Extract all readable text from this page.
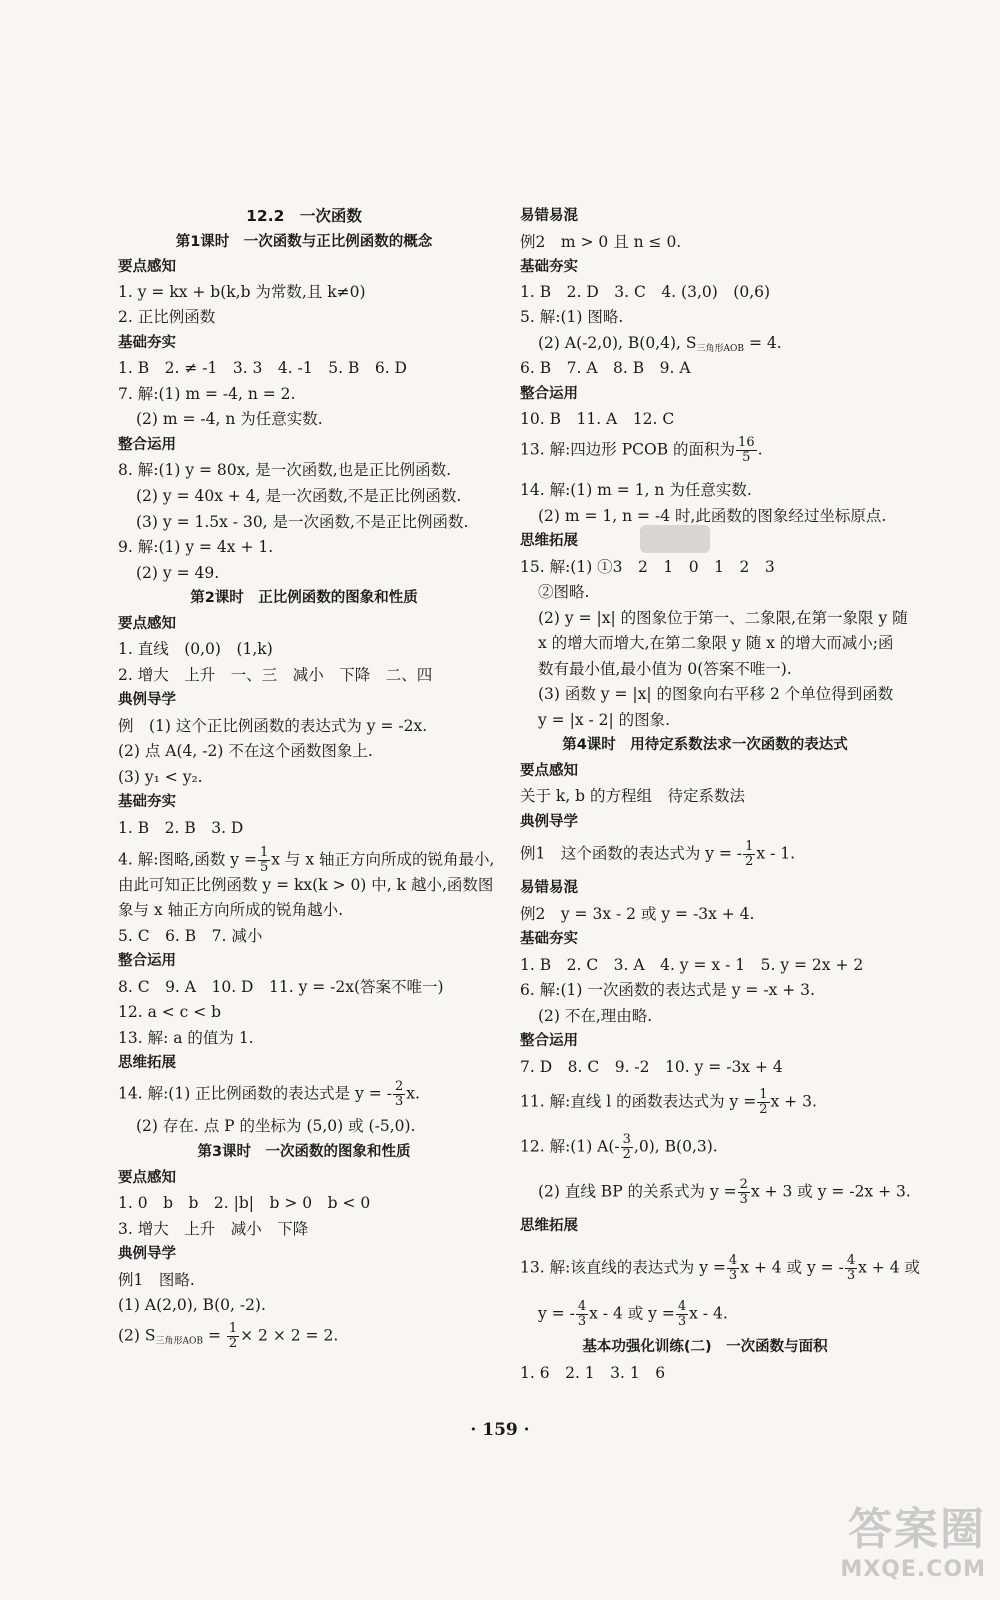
12.2　一次函数
第1课时　一次函数与正比例函数的概念
要点感知
1. y = kx + b(k,b 为常数,且 k≠0)
2. 正比例函数
基础夯实
1. B　2. ≠ -1　3. 3　4. -1　5. B　6. D
7. 解:(1) m = -4, n = 2.
(2) m = -4, n 为任意实数.
整合运用
8. 解:(1) y = 80x, 是一次函数,也是正比例函数.
(2) y = 40x + 4, 是一次函数,不是正比例函数.
(3) y = 1.5x - 30, 是一次函数,不是正比例函数.
9. 解:(1) y = 4x + 1.
(2) y = 49.
第2课时　正比例函数的图象和性质
要点感知
1. 直线　(0,0)　(1,k)
2. 增大　上升　一、三　减小　下降　二、四
典例导学
例　(1) 这个正比例函数的表达式为 y = -2x.
(2) 点 A(4, -2) 不在这个函数图象上.
(3) y₁ < y₂.
基础夯实
1. B　2. B　3. D
4. 解:图略,函数 $y = \frac{1}{5}$ x 与 x 轴正方向所成的锐角最小,
由此可知正比例函数 y = kx(k > 0) 中, k 越小,函数图
象与 x 轴正方向所成的锐角越小.
5. C　6. B　7. 减小
整合运用
8. C　9. A　10. D　11. y = -2x(答案不唯一)
12. a < c < b
13. 解: a 的值为 1.
思维拓展
14. 解:(1) 正比例函数的表达式是 y = - $\frac{2}{3} x$.
(2) 存在. 点 P 的坐标为 (5,0) 或 (-5,0).
第3课时　一次函数的图象和性质
要点感知
1. 0　b　b　2. |b|　b > 0　b < 0
3. 增大　上升　减小　下降
典例导学
例1　图略.
(1) A(2,0), B(0, -2).
(2) $S_{三角形AOB} = \frac{1}{2} \times 2 \times 2 = 2$.
易错易混
例2　m > 0 且 n ≤ 0.
基础夯实
1. B　2. D　3. C　4. (3,0)　(0,6)
5. 解:(1) 图略.
(2) A(-2,0), B(0,4), $S_{三角形AOB} = 4$.
6. B　7. A　8. B　9. A
整合运用
10. B　11. A　12. C
13. 解:四边形 PCOB 的面积为 $\frac{16}{5}$ .
14. 解:(1) m = 1, n 为任意实数.
(2) m = 1, n = -4 时,此函数的图象经过坐标原点.
思维拓展
15. 解:(1) ①3　2　1　0　1　2　3
②图略.
(2) y = |x| 的图象位于第一、二象限,在第一象限 y 随
x 的增大而增大,在第二象限 y 随 x 的增大而减小;函
数有最小值,最小值为 0(答案不唯一).
(3) 函数 y = |x| 的图象向右平移 2 个单位得到函数
y = |x - 2| 的图象.
第4课时　用待定系数法求一次函数的表达式
要点感知
关于 k, b 的方程组　待定系数法
典例导学
例1　这个函数的表达式为 y = - $\frac{1}{2}$ x - 1.
易错易混
例2　y = 3x - 2 或 y = -3x + 4.
基础夯实
1. B　2. C　3. A　4. y = x - 1　5. y = 2x + 2
6. 解:(1) 一次函数的表达式是 y = -x + 3.
(2) 不在,理由略.
整合运用
7. D　8. C　9. -2　10. y = -3x + 4
11. 解:直线 l 的函数表达式为 $y = \frac{1}{2}$ x + 3.
12. 解:(1) $A(- \frac{3}{2} ,0)$, B(0,3).
(2) 直线 BP 的关系式为 $y = \frac{2}{3}$ x + 3 或 y = -2x + 3.
思维拓展
13. 解:该直线的表达式为 $y = \frac{4}{3}$ x + 4 或 y = - $\frac{4}{3}$ x + 4 或
y = - $\frac{4}{3}$ x - 4 或 $y = \frac{4}{3}$ x - 4.
基本功强化训练(二)　一次函数与面积
1. 6　2. 1　3. 1　6
· 159 ·
答案圈
MXQE.COM
